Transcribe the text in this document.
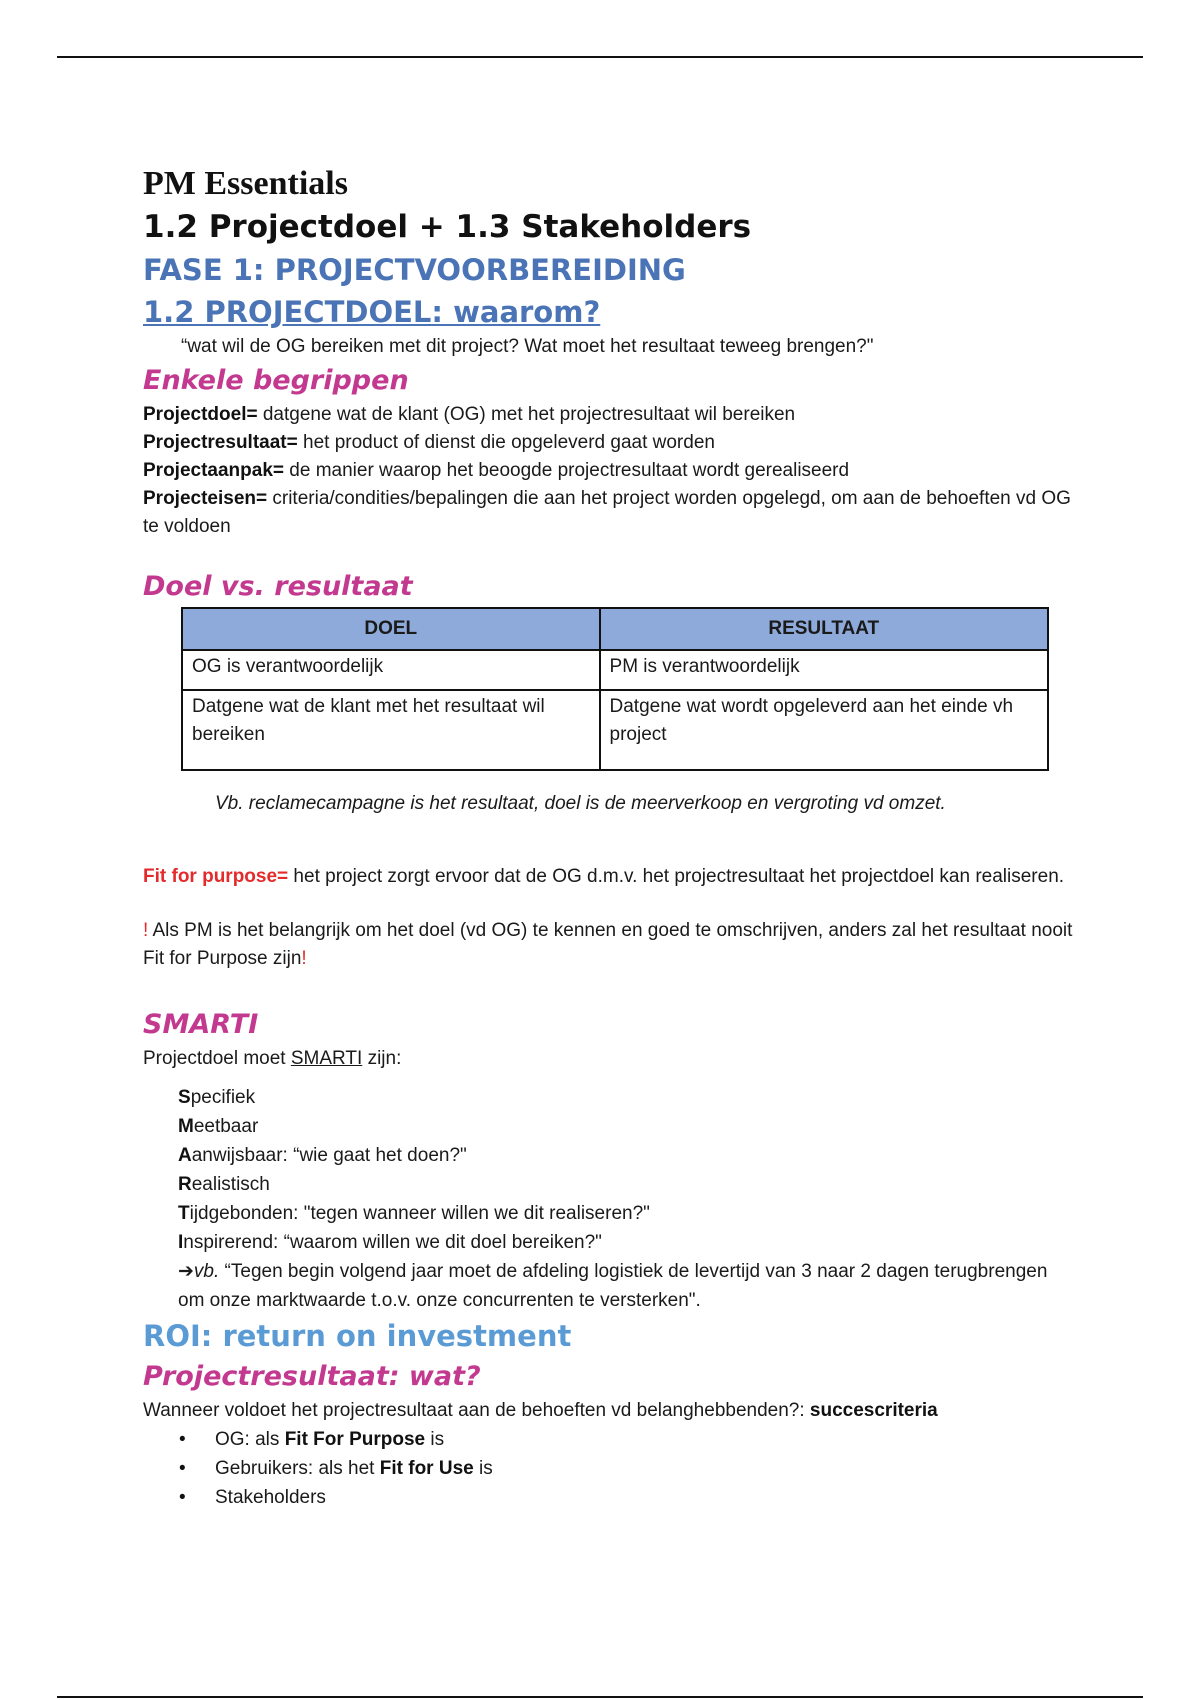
PM Essentials
1.2 Projectdoel + 1.3 Stakeholders
FASE 1: PROJECTVOORBEREIDING
1.2 PROJECTDOEL: waarom?

“wat wil de OG bereiken met dit project? Wat moet het resultaat teweeg brengen?"

Enkele begrippen

Projectdoel= datgene wat de klant (OG) met het projectresultaat wil bereiken

Projectresultaat= het product of dienst die opgeleverd gaat worden

Projectaanpak= de manier waarop het beoogde projectresultaat wordt gerealiseerd

Projecteisen= criteria/condities/bepalingen die aan het project worden opgelegd, om aan de behoeften vd OG te voldoen

Doel vs. resultaat
DOEL	RESULTAAT
OG is verantwoordelijk	PM is verantwoordelijk
Datgene wat de klant met het resultaat wil bereiken	Datgene wat wordt opgeleverd aan het einde vh project

Vb. reclamecampagne is het resultaat, doel is de meerverkoop en vergroting vd omzet.

Fit for purpose= het project zorgt ervoor dat de OG d.m.v. het projectresultaat het projectdoel kan realiseren.

! Als PM is het belangrijk om het doel (vd OG) te kennen en goed te omschrijven, anders zal het resultaat nooit Fit for Purpose zijn!

SMARTI

Projectdoel moet SMARTI zijn:

Specifiek

Meetbaar

Aanwijsbaar: “wie gaat het doen?"

Realistisch

Tijdgebonden: "tegen wanneer willen we dit realiseren?"

Inspirerend: “waarom willen we dit doel bereiken?"

➔vb. “Tegen begin volgend jaar moet de afdeling logistiek de levertijd van 3 naar 2 dagen terugbrengen om onze marktwaarde t.o.v. onze concurrenten te versterken".

ROI: return on investment
Projectresultaat: wat?

Wanneer voldoet het projectresultaat aan de behoeften vd belanghebbenden?: succescriteria

• OG: als Fit For Purpose is
• Gebruikers: als het Fit for Use is
• Stakeholders
